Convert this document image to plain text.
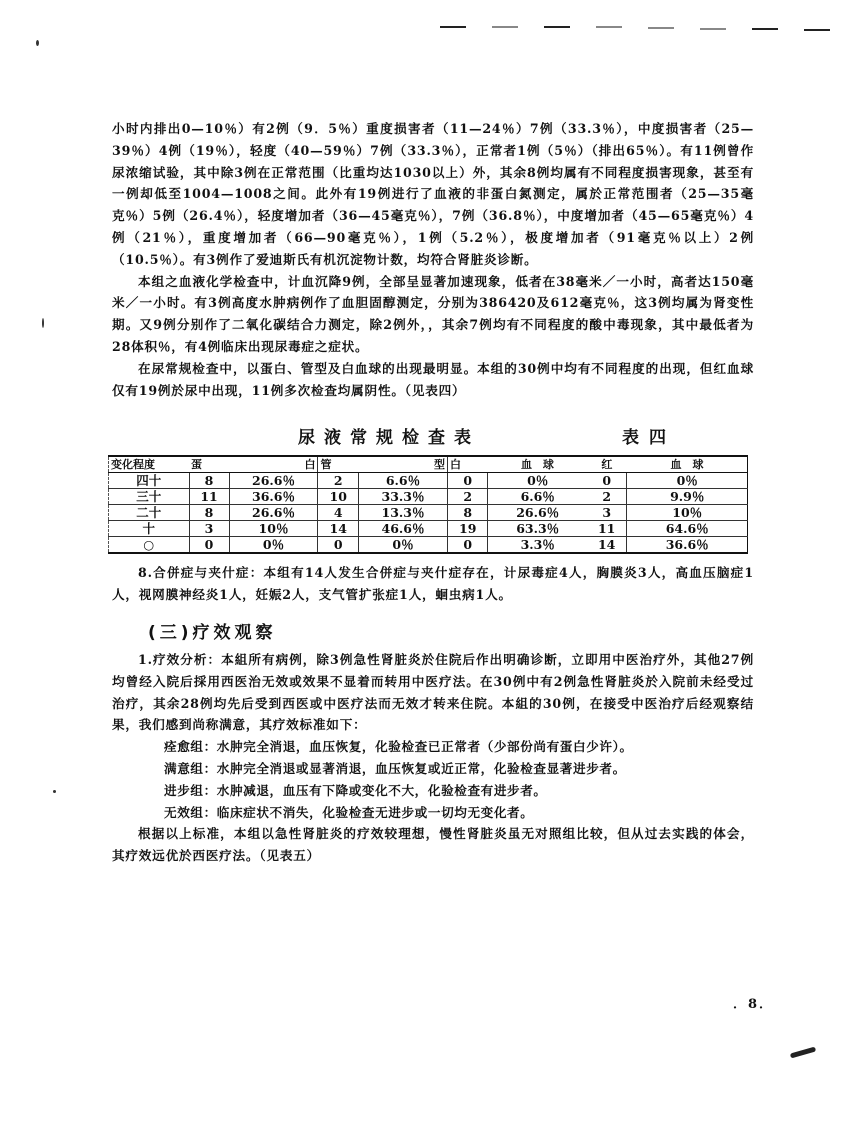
小时内排出0—10％）有2例（9．5％）重度损害者（11—24％）7例（33.3％），中度损害者（25—39％）4例（19％），轻度（40—59％）7例（33.3％），正常者1例（5％）（排出65％）。有11例曾作尿浓缩试验，其中除3例在正常范围（比重均达1030以上）外，其余8例均属有不同程度损害现象，甚至有一例却低至1004—1008之间。此外有19例进行了血液的非蛋白氮测定，属於正常范围者（25—35毫克％）5例（26.4％），轻度增加者（36—45毫克％），7例（36.8％），中度增加者（45—65毫克％）4例（21％），重度增加者（66—90毫克％），1例（5.2％），极度增加者（91毫克％以上）2例（10.5％）。有3例作了爱迪斯氏有机沉淀物计数，均符合肾脏炎诊断。

本组之血液化学检查中，计血沉降9例，全部呈显著加速现象，低者在38毫米／一小时，高者达150毫米／一小时。有3例高度水肿病例作了血胆固醇测定，分别为386420及612毫克％，这3例均属为肾变性期。又9例分别作了二氧化碳结合力测定，除2例外，，其余7例均有不同程度的酸中毒现象，其中最低者为28体积％，有4例临床出现尿毒症之症状。

在尿常规检查中，以蛋白、管型及白血球的出现最明显。本组的30例中均有不同程度的出现，但红血球仅有19例於尿中出现，11例多次检查均属阴性。（见表四）

尿液常规检查表	表四
变化程度	蛋	白	管	型	白	血　球	红	血　球
四十	8	26.6％	2	6.6％	0	0％	0	0％
三十	11	36.6％	10	33.3％	2	6.6％	2	9.9％
二十	8	26.6％	4	13.3％	8	26.6％	3	10％
十	3	10％	14	46.6％	19	63.3％	11	64.6％
○	0	0％	0	0％	0	3.3％	14	36.6％

8.合併症与夹什症：本组有14人发生合併症与夹什症存在，计尿毒症4人，胸膜炎3人，高血压脑症1人，视网膜神经炎1人，妊娠2人，支气管扩张症1人，蛔虫病1人。

(三)疗效观察

1.疗效分析：本組所有病例，除3例急性肾脏炎於住院后作出明确诊断，立即用中医治疗外，其他27例均曾经入院后採用西医治无效或效果不显着而转用中医疗法。在30例中有2例急性肾脏炎於入院前未经受过治疗，其余28例均先后受到西医或中医疗法而无效才转来住院。本組的30例，在接受中医治疗后经观察结果，我们感到尚称满意，其疗效标准如下：

痊愈组：水肿完全消退，血压恢复，化验检查已正常者（少部份尚有蛋白少许）。

满意组：水肿完全消退或显著消退，血压恢复或近正常，化验检查显著进步者。

进步组：水肿减退，血压有下降或变化不大，化验检查有进步者。

无效组：临床症状不消失，化验检查无进步或一切均无变化者。

根据以上标准，本组以急性肾脏炎的疗效较理想，慢性肾脏炎虽无对照组比较，但从过去实践的体会，其疗效远优於西医疗法。（见表五）

．8．
